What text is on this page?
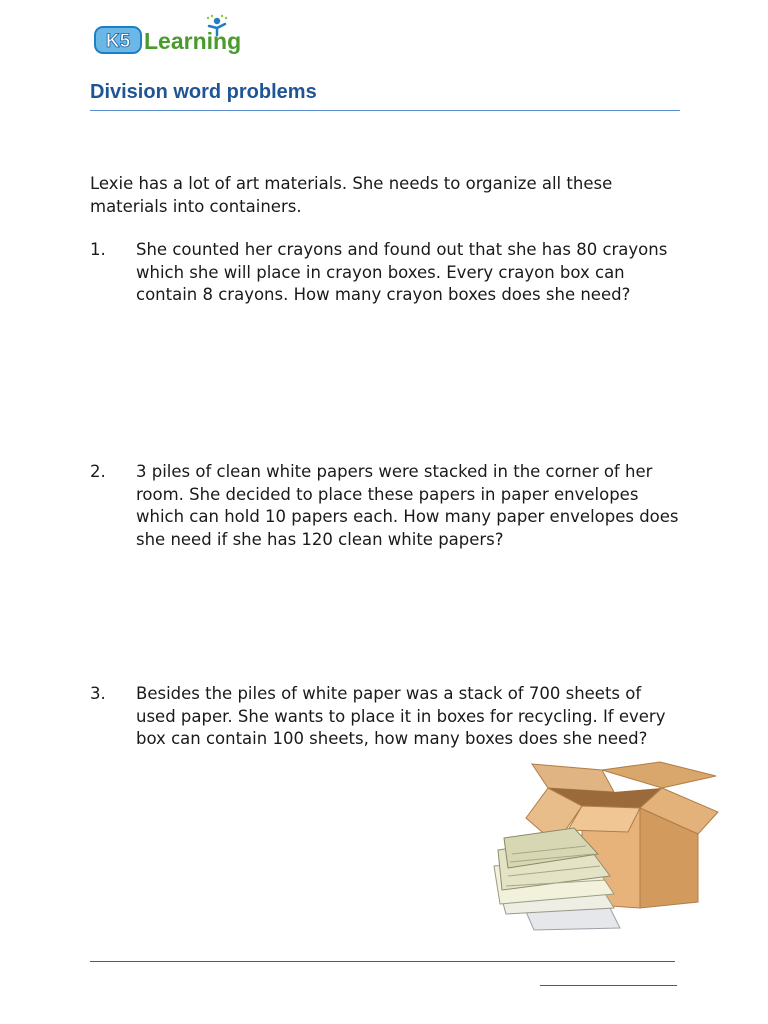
K5 Learning
Division word problems

Lexie has a lot of art materials. She needs to organize all these materials into containers.

1. She counted her crayons and found out that she has 80 crayons which she will place in crayon boxes. Every crayon box can contain 8 crayons. How many crayon boxes does she need?

2. 3 piles of clean white papers were stacked in the corner of her room. She decided to place these papers in paper envelopes which can hold 10 papers each. How many paper envelopes does she need if she has 120 clean white papers?

3. Besides the piles of white paper was a stack of 700 sheets of used paper. She wants to place it in boxes for recycling. If every box can contain 100 sheets, how many boxes does she need?
